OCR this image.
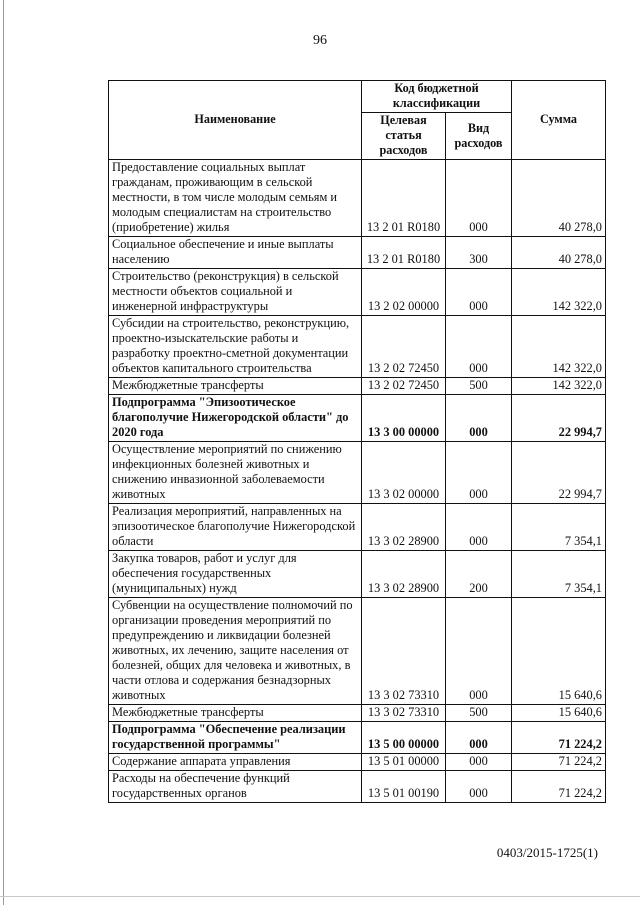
96
Наименование	Код бюджетной классификации		Сумма
	Целевая статья расходов	Вид расходов	
Предоставление социальных выплат гражданам, проживающим в сельской местности, в том числе молодым семьям и молодым специалистам на строительство (приобретение) жилья	13 2 01 R0180	000	40 278,0
Социальное обеспечение и иные выплаты населению	13 2 01 R0180	300	40 278,0
Строительство (реконструкция) в сельской местности объектов социальной и инженерной инфраструктуры	13 2 02 00000	000	142 322,0
Субсидии на строительство, реконструкцию, проектно-изыскательские работы и разработку проектно-сметной документации объектов капитального строительства	13 2 02 72450	000	142 322,0
Межбюджетные трансферты	13 2 02 72450	500	142 322,0
Подпрограмма "Эпизоотическое благополучие Нижегородской области" до 2020 года	13 3 00 00000	000	22 994,7
Осуществление мероприятий по снижению инфекционных болезней животных и снижению инвазионной заболеваемости животных	13 3 02 00000	000	22 994,7
Реализация мероприятий, направленных на эпизоотическое благополучие Нижегородской области	13 3 02 28900	000	7 354,1
Закупка товаров, работ и услуг для обеспечения государственных (муниципальных) нужд	13 3 02 28900	200	7 354,1
Субвенции на осуществление полномочий по организации проведения мероприятий по предупреждению и ликвидации болезней животных, их лечению, защите населения от болезней, общих для человека и животных, в части отлова и содержания безнадзорных животных	13 3 02 73310	000	15 640,6
Межбюджетные трансферты	13 3 02 73310	500	15 640,6
Подпрограмма "Обеспечение реализации государственной программы"	13 5 00 00000	000	71 224,2
Содержание аппарата управления	13 5 01 00000	000	71 224,2
Расходы на обеспечение функций государственных органов	13 5 01 00190	000	71 224,2
0403/2015-1725(1)
